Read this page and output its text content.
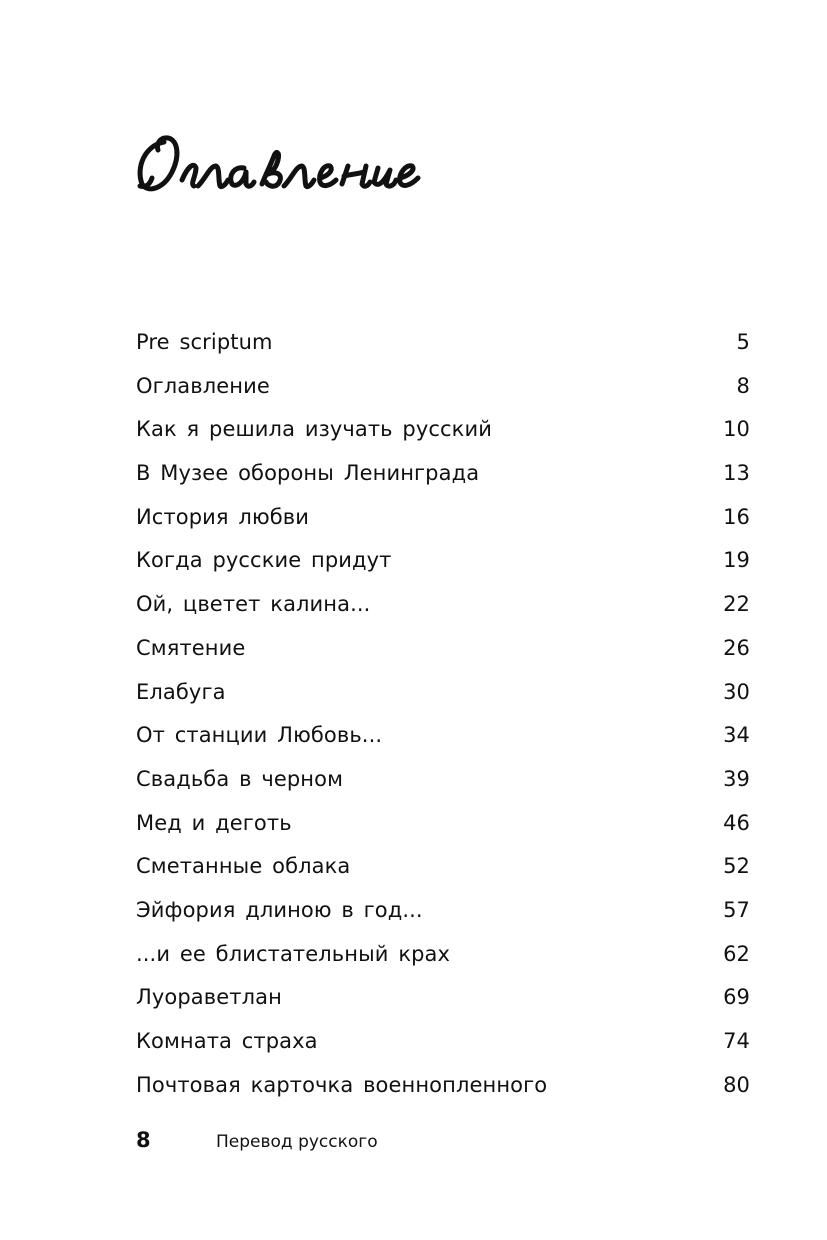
Pre scriptum	5
Оглавление	8
Как я решила изучать русский	10
В Музее обороны Ленинграда	13
История любви	16
Когда русские придут	19
Ой, цветет калина...	22
Смятение	26
Елабуга	30
От станции Любовь...	34
Свадьба в черном	39
Мед и деготь	46
Сметанные облака	52
Эйфория длиною в год...	57
...и ее блистательный крах	62
Луораветлан	69
Комната страха	74
Почтовая карточка военнопленного	80
8	Перевод русского
